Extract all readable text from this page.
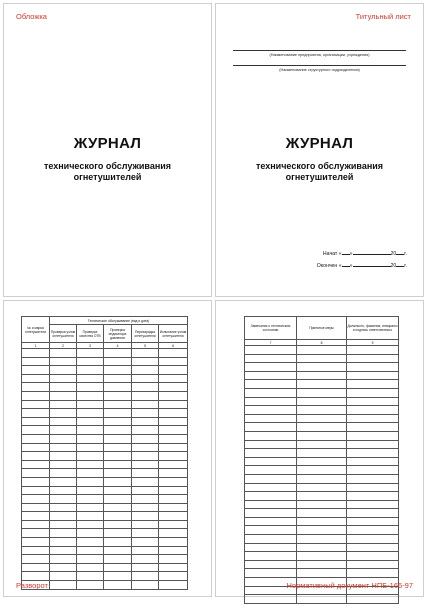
Обложка
ЖУРНАЛ
технического обслуживания
огнетушителей
Титульный лист
(Наименование предприятия, организации, учреждения)
(Наименование структурного подразделения)
ЖУРНАЛ
технического обслуживания
огнетушителей
Начат « »	20 г.
Окончен « »	20 г.
№ и марка огнетушителя	Техническое обслуживание (вид и дата)				
	Проверка узлов огнетушителя	Проверка качества ОТВ	Проверка индикатора давления	Перезарядка огнетушителя	Испытание узлов огнетушителя
1	2	3	4	5	6

Разворот
Замечания о техническом состоянии	Принятые меры	Должность, фамилия, инициалы и подпись ответственного
7	8	9

Нормативный документ НПБ-166-97
